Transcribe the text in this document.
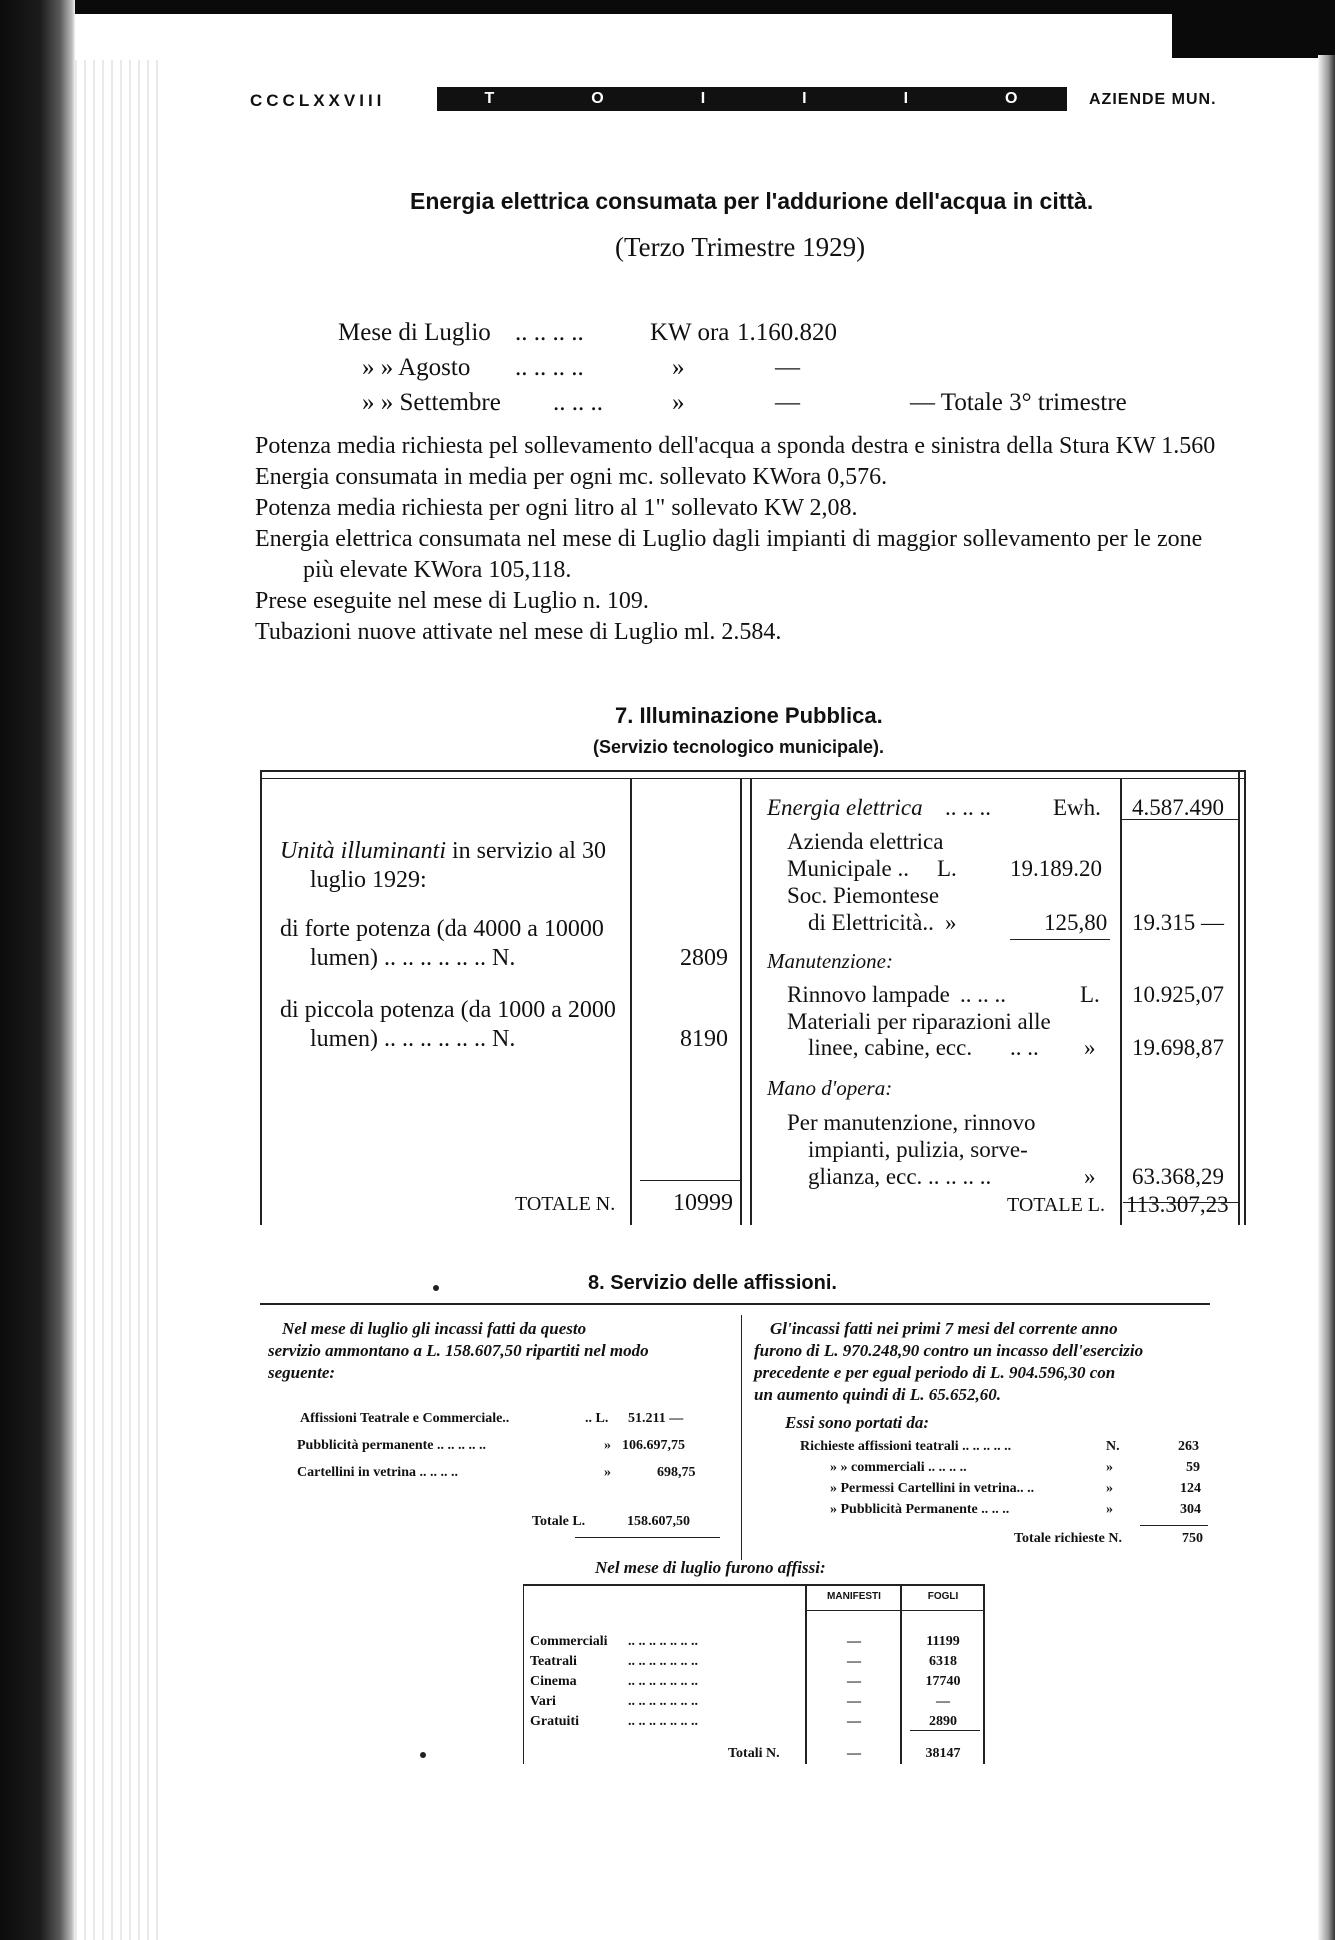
CCCLXXVIII	T	O	I	I	I	O	AZIENDE MUN.
Energia elettrica consumata per l'addurione dell'acqua in città.
(Terzo Trimestre 1929)
Mese di Luglio .. .. .. ..	KW ora 1.160.820
» » Agosto .. .. .. ..	»	—
» » Settembre .. .. ..	»	—	— Totale 3° trimestre
Potenza media richiesta pel sollevamento dell'acqua a sponda destra e sinistra della Stura KW 1.560
Energia consumata in media per ogni mc. sollevato KWora 0,576.
Potenza media richiesta per ogni litro al 1" sollevato KW 2,08.
Energia elettrica consumata nel mese di Luglio dagli impianti di maggior sollevamento per le zone
più elevate KWora 105,118.
Prese eseguite nel mese di Luglio n. 109.
Tubazioni nuove attivate nel mese di Luglio ml. 2.584.
7. Illuminazione Pubblica.
(Servizio tecnologico municipale).
Unità illuminanti in servizio al 30
luglio 1929:
di forte potenza (da 4000 a 10000
lumen) .. .. .. .. .. .. N.	2809
di piccola potenza (da 1000 a 2000
lumen) .. .. .. .. .. .. N.	8190
TOTALE N. 10999
Energia elettrica .. .. ..	Ewh. 4.587.490
Azienda elettrica
Municipale .. L. 19.189.20
Soc. Piemontese
di Elettricità.. »	125,80 19.315 —
Manutenzione:
Rinnovo lampade .. .. ..	L. 10.925,07
Materiali per riparazioni alle
linee, cabine, ecc. .. .. » 19.698,87
Mano d'opera:
Per manutenzione, rinnovo
impianti, pulizia, sorve-
glianza, ecc. .. .. .. ..	» 63.368,29
TOTALE L. 113.307,23
8. Servizio delle affissioni.
Nel mese di luglio gli incassi fatti da questo
servizio ammontano a L. 158.607,50 ripartiti nel modo
seguente:
Affissioni Teatrale e Commerciale..	.. L. 51.211 —
Pubblicità permanente .. .. .. .. ..	» 106.697,75
Cartellini in vetrina .. .. .. ..	»	698,75
Totale L.	158.607,50
Gl'incassi fatti nei primi 7 mesi del corrente anno
furono di L. 970.248,90 contro un incasso dell'esercizio
precedente e per egual periodo di L. 904.596,30 con
un aumento quindi di L. 65.652,60.
Essi sono portati da:
Richieste affissioni teatrali .. .. .. .. ..	N.	263
» » commerciali .. .. .. ..	»	59
» Permessi Cartellini in vetrina.. ..	»	124
» Pubblicità Permanente .. .. ..	»	304
Totale richieste N.	750
Nel mese di luglio furono affissi:
MANIFESTI	FOGLI
Commerciali .. .. .. .. .. .. ..	—	11199
Teatrali	.. .. .. .. .. .. ..	—	6318
Cinema	.. .. .. .. .. .. ..	—	17740
Vari	.. .. .. .. .. .. ..	—	—
Gratuiti	.. .. .. .. .. .. ..	—	2890
Totali N.	—	38147
